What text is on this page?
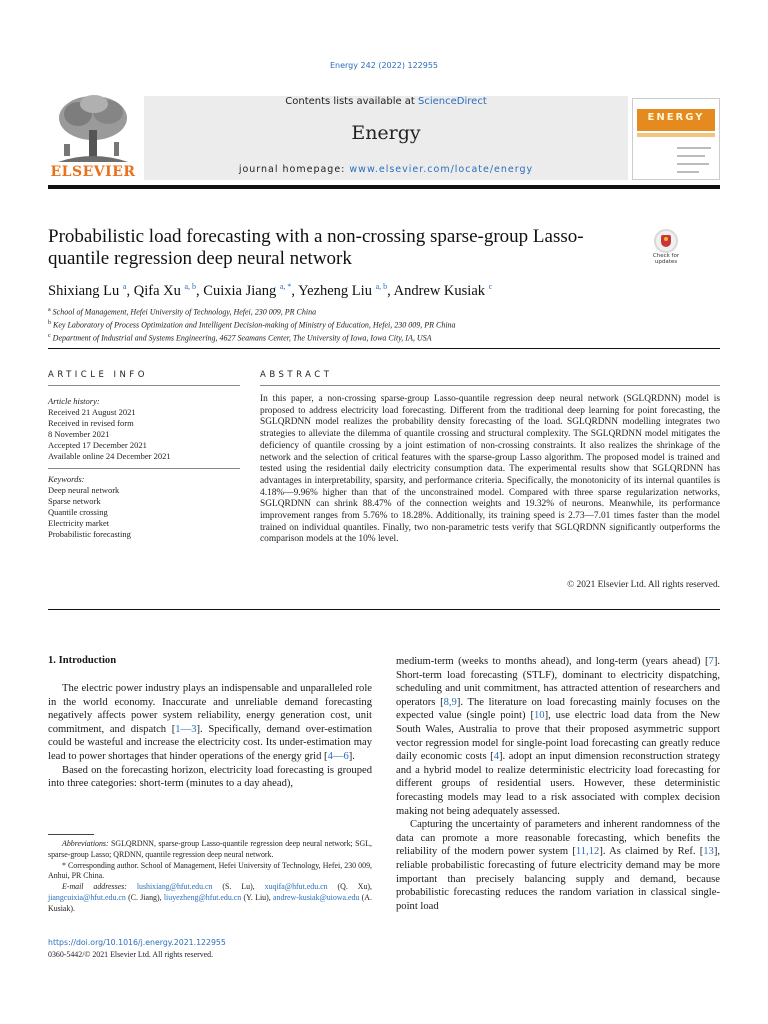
Energy 242 (2022) 122955
ELSEVIER
Contents lists available at ScienceDirect
Energy
journal homepage: www.elsevier.com/locate/energy
ENERGY
Probabilistic load forecasting with a non-crossing sparse-group Lasso-quantile regression deep neural network	Check for updates
Shixiang Lu $^a$, Qifa Xu $^{a, b}$, Cuixia Jiang $^{a, *}$, Yezheng Liu $^{a, b}$, Andrew Kusiak $^c$
$^a$ School of Management, Hefei University of Technology, Hefei, 230 009, PR China
$^b$ Key Laboratory of Process Optimization and Intelligent Decision-making of Ministry of Education, Hefei, 230 009, PR China
$^c$ Department of Industrial and Systems Engineering, 4627 Seamans Center, The University of Iowa, Iowa City, IA, USA
ARTICLE INFO	ABSTRACT
Article history:
Received 21 August 2021
Received in revised form
8 November 2021
Accepted 17 December 2021
Available online 24 December 2021
Keywords:
Deep neural network
Sparse network
Quantile crossing
Electricity market
Probabilistic forecasting
In this paper, a non-crossing sparse-group Lasso-quantile regression deep neural network (SGLQRDNN) model is proposed to address electricity load forecasting. Different from the traditional deep learning for point forecasting, the SGLQRDNN model realizes the probability density forecasting of the load. SGLQRDNN modelling integrates two strategies to alleviate the dilemma of quantile crossing and structural complexity. The SGLQRDNN model mitigates the deficiency of quantile crossing by a joint estimation of non-crossing constraints. It also realizes the shrinkage of the network and the selection of critical features with the sparse-group Lasso algorithm. The proposed model is trained and tested using the residential daily electricity consumption data. The experimental results show that SGLQRDNN has advantages in interpretability, sparsity, and performance criteria. Specifically, the monotonicity of its internal quantiles is 4.18%—9.96% higher than that of the unconstrained model. Compared with three sparse regularization networks, SGLQRDNN can shrink 88.47% of the connection weights and 19.32% of neurons. Meanwhile, its performance improvement ranges from 5.76% to 18.28%. Additionally, its training speed is 2.73—7.01 times faster than the model trained on individual quantiles. Finally, two non-parametric tests verify that SGLQRDNN significantly outperforms the comparison models at the 10% level.
© 2021 Elsevier Ltd. All rights reserved.
1. Introduction

The electric power industry plays an indispensable and unparalleled role in the world economy. Inaccurate and unreliable demand forecasting negatively affects power system reliability, energy generation cost, unit commitment, and dispatch [1—3]. Specifically, demand over-estimation could be wasteful and increase the electricity cost. Its under-estimation may lead to power shortages that hinder operations of the energy grid [4—6].

Based on the forecasting horizon, electricity load forecasting is grouped into three categories: short-term (minutes to a day ahead),

medium-term (weeks to months ahead), and long-term (years ahead) [7]. Short-term load forecasting (STLF), dominant to electricity dispatching, scheduling and unit commitment, has attracted attention of researchers and operators [8,9]. The literature on load forecasting mainly focuses on the expected value (single point) [10], use electric load data from the New South Wales, Australia to prove that their proposed asymmetric support vector regression model for single-point load forecasting can greatly reduce daily economic costs [4]. adopt an input dimension reconstruction strategy and a hybrid model to realize deterministic electricity load forecasting for different groups of residential users. However, these deterministic forecasting models may lead to a risk associated with complex decision making not being adequately assessed.

Capturing the uncertainty of parameters and inherent randomness of the data can promote a more reasonable forecasting, which benefits the reliability of the modern power system [11,12]. As claimed by Ref. [13], reliable probabilistic forecasting of future electricity demand may be more important than precisely balancing supply and demand, because probabilistic forecasting reduces the random variation in classical single-point load

Abbreviations: SGLQRDNN, sparse-group Lasso-quantile regression deep neural network; SGL, sparse-group Lasso; QRDNN, quantile regression deep neural network.

* Corresponding author. School of Management, Hefei University of Technology, Hefei, 230 009, Anhui, PR China.

E-mail addresses: lushixiang@hfut.edu.cn (S. Lu), xuqifa@hfut.edu.cn (Q. Xu), jiangcuixia@hfut.edu.cn (C. Jiang), liuyezheng@hfut.edu.cn (Y. Liu), andrew-kusiak@uiowa.edu (A. Kusiak).

https://doi.org/10.1016/j.energy.2021.122955
0360-5442/© 2021 Elsevier Ltd. All rights reserved.
